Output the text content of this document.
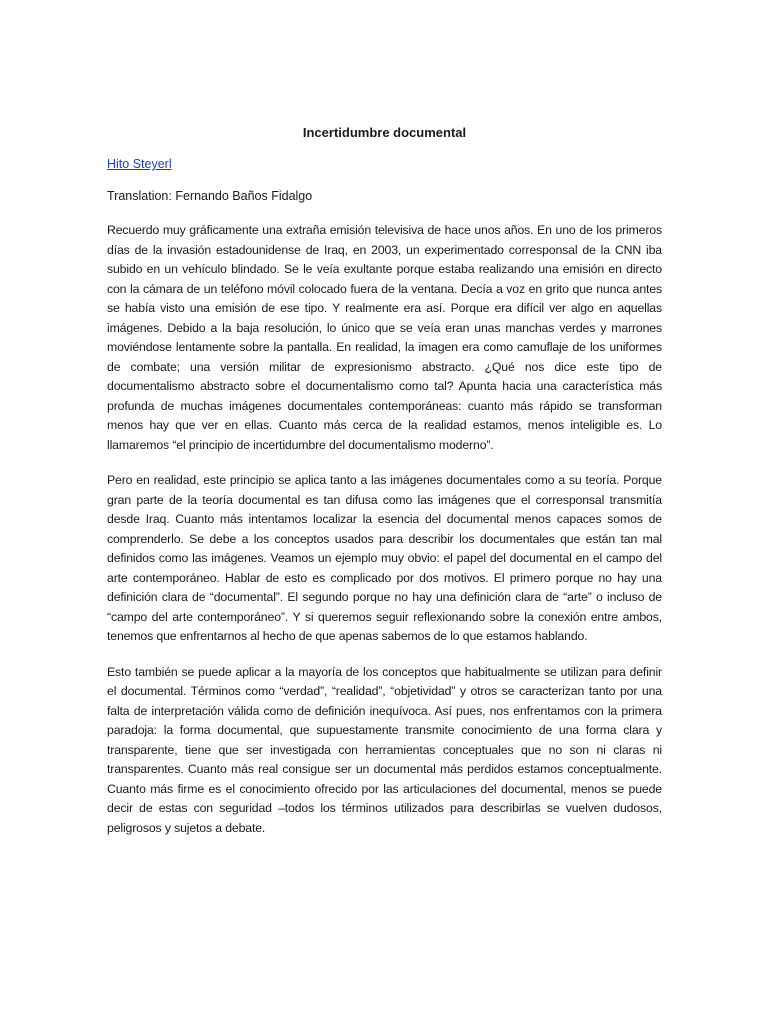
Incertidumbre documental
Hito Steyerl
Translation: Fernando Baños Fidalgo

Recuerdo muy gráficamente una extraña emisión televisiva de hace unos años. En uno de los primeros días de la invasión estadounidense de Iraq, en 2003, un experimentado corresponsal de la CNN iba subido en un vehículo blindado. Se le veía exultante porque estaba realizando una emisión en directo con la cámara de un teléfono móvil colocado fuera de la ventana. Decía a voz en grito que nunca antes se había visto una emisión de ese tipo. Y realmente era así. Porque era difícil ver algo en aquellas imágenes. Debido a la baja resolución, lo único que se veía eran unas manchas verdes y marrones moviéndose lentamente sobre la pantalla. En realidad, la imagen era como camuflaje de los uniformes de combate; una versión militar de expresionismo abstracto. ¿Qué nos dice este tipo de documentalismo abstracto sobre el documentalismo como tal? Apunta hacia una característica más profunda de muchas imágenes documentales contemporáneas: cuanto más rápido se transforman menos hay que ver en ellas. Cuanto más cerca de la realidad estamos, menos inteligible es. Lo llamaremos “el principio de incertidumbre del documentalismo moderno”.

Pero en realidad, este principio se aplica tanto a las imágenes documentales como a su teoría. Porque gran parte de la teoría documental es tan difusa como las imágenes que el corresponsal transmitía desde Iraq. Cuanto más intentamos localizar la esencia del documental menos capaces somos de comprenderlo. Se debe a los conceptos usados para describir los documentales que están tan mal definidos como las imágenes. Veamos un ejemplo muy obvio: el papel del documental en el campo del arte contemporáneo. Hablar de esto es complicado por dos motivos. El primero porque no hay una definición clara de “documental”. El segundo porque no hay una definición clara de “arte” o incluso de “campo del arte contemporáneo”. Y si queremos seguir reflexionando sobre la conexión entre ambos, tenemos que enfrentarnos al hecho de que apenas sabemos de lo que estamos hablando.

Esto también se puede aplicar a la mayoría de los conceptos que habitualmente se utilizan para definir el documental. Términos como “verdad”, “realidad”, “objetividad” y otros se caracterizan tanto por una falta de interpretación válida como de definición inequívoca. Así pues, nos enfrentamos con la primera paradoja: la forma documental, que supuestamente transmite conocimiento de una forma clara y transparente, tiene que ser investigada con herramientas conceptuales que no son ni claras ni transparentes. Cuanto más real consigue ser un documental más perdidos estamos conceptualmente. Cuanto más firme es el conocimiento ofrecido por las articulaciones del documental, menos se puede decir de estas con seguridad –todos los términos utilizados para describirlas se vuelven dudosos, peligrosos y sujetos a debate.
